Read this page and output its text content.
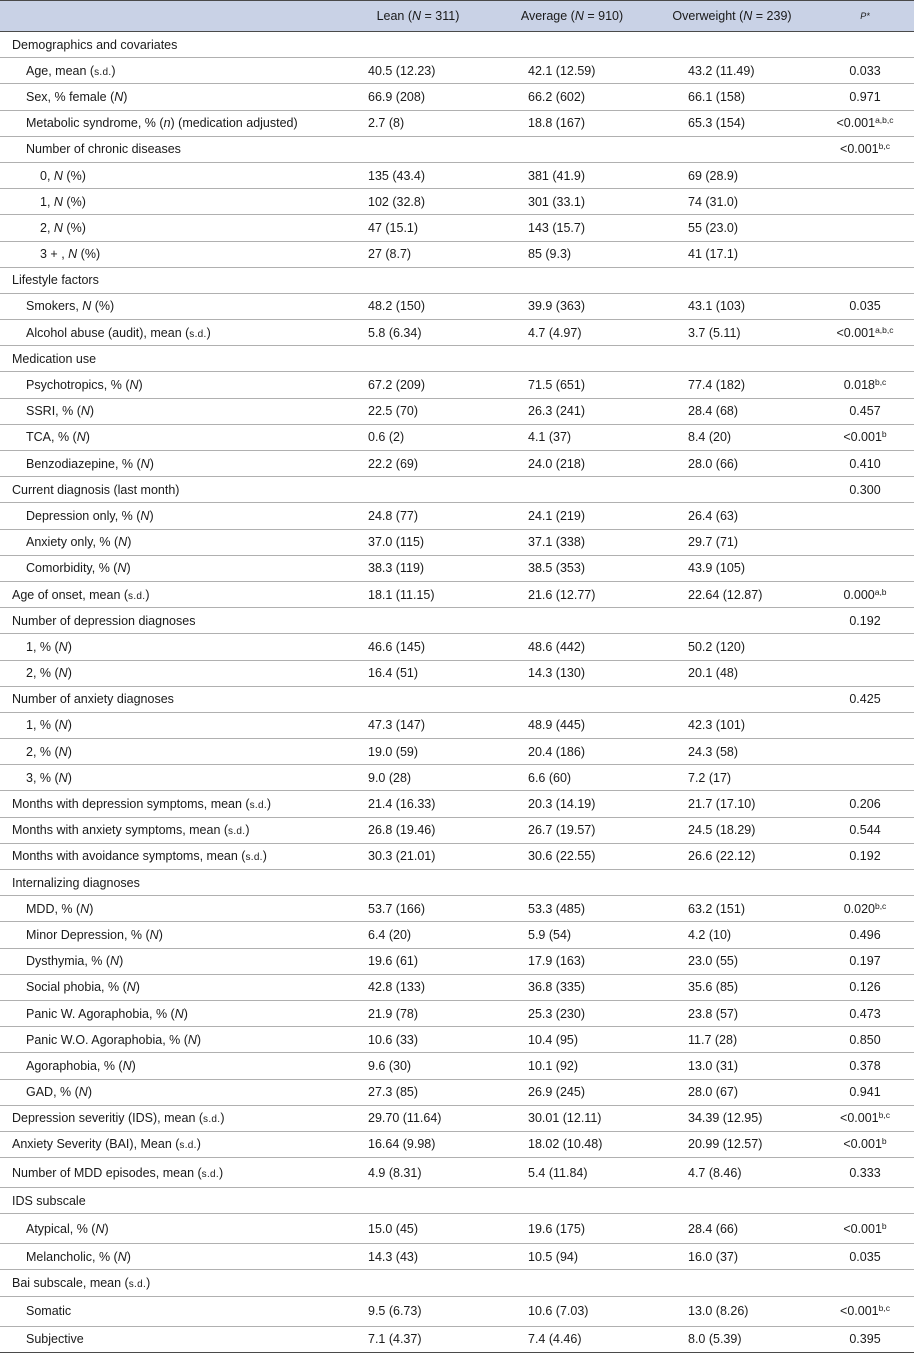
	Lean (N = 311)	Average (N = 910)	Overweight (N = 239)	P*
Demographics and covariates				
Age, mean (s.d.)	40.5 (12.23)	42.1 (12.59)	43.2 (11.49)	0.033
Sex, % female (N)	66.9 (208)	66.2 (602)	66.1 (158)	0.971
Metabolic syndrome, % (n) (medication adjusted)	2.7 (8)	18.8 (167)	65.3 (154)	$<0.001^{a,b,c}$
Number of chronic diseases				$<0.001^{b,c}$
0, N (%)	135 (43.4)	381 (41.9)	69 (28.9)	
1, N (%)	102 (32.8)	301 (33.1)	74 (31.0)	
2, N (%)	47 (15.1)	143 (15.7)	55 (23.0)	
3 + , N (%)	27 (8.7)	85 (9.3)	41 (17.1)	
Lifestyle factors				
Smokers, N (%)	48.2 (150)	39.9 (363)	43.1 (103)	0.035
Alcohol abuse (audit), mean (s.d.)	5.8 (6.34)	4.7 (4.97)	3.7 (5.11)	$<0.001^{a,b,c}$
Medication use				
Psychotropics, % (N)	67.2 (209)	71.5 (651)	77.4 (182)	0.018$^{b,c}$
SSRI, % (N)	22.5 (70)	26.3 (241)	28.4 (68)	0.457
TCA, % (N)	0.6 (2)	4.1 (37)	8.4 (20)	<0.001$^b$
Benzodiazepine, % (N)	22.2 (69)	24.0 (218)	28.0 (66)	0.410
Current diagnosis (last month)				0.300
Depression only, % (N)	24.8 (77)	24.1 (219)	26.4 (63)	
Anxiety only, % (N)	37.0 (115)	37.1 (338)	29.7 (71)	
Comorbidity, % (N)	38.3 (119)	38.5 (353)	43.9 (105)	
Age of onset, mean (s.d.)	18.1 (11.15)	21.6 (12.77)	22.64 (12.87)	0.000$^{a,b}$
Number of depression diagnoses				0.192
1, % (N)	46.6 (145)	48.6 (442)	50.2 (120)	
2, % (N)	16.4 (51)	14.3 (130)	20.1 (48)	
Number of anxiety diagnoses				0.425
1, % (N)	47.3 (147)	48.9 (445)	42.3 (101)	
2, % (N)	19.0 (59)	20.4 (186)	24.3 (58)	
3, % (N)	9.0 (28)	6.6 (60)	7.2 (17)	
Months with depression symptoms, mean (s.d.)	21.4 (16.33)	20.3 (14.19)	21.7 (17.10)	0.206
Months with anxiety symptoms, mean (s.d.)	26.8 (19.46)	26.7 (19.57)	24.5 (18.29)	0.544
Months with avoidance symptoms, mean (s.d.)	30.3 (21.01)	30.6 (22.55)	26.6 (22.12)	0.192
Internalizing diagnoses				
MDD, % (N)	53.7 (166)	53.3 (485)	63.2 (151)	0.020$^{b,c}$
Minor Depression, % (N)	6.4 (20)	5.9 (54)	4.2 (10)	0.496
Dysthymia, % (N)	19.6 (61)	17.9 (163)	23.0 (55)	0.197
Social phobia, % (N)	42.8 (133)	36.8 (335)	35.6 (85)	0.126
Panic W. Agoraphobia, % (N)	21.9 (78)	25.3 (230)	23.8 (57)	0.473
Panic W.O. Agoraphobia, % (N)	10.6 (33)	10.4 (95)	11.7 (28)	0.850
Agoraphobia, % (N)	9.6 (30)	10.1 (92)	13.0 (31)	0.378
GAD, % (N)	27.3 (85)	26.9 (245)	28.0 (67)	0.941
Depression severitiy (IDS), mean (s.d.)	29.70 (11.64)	30.01 (12.11)	34.39 (12.95)	$<0.001^{b,c}$
Anxiety Severity (BAI), Mean (s.d.)	16.64 (9.98)	18.02 (10.48)	20.99 (12.57)	<0.001$^b$
Number of MDD episodes, mean (s.d.)	4.9 (8.31)	5.4 (11.84)	4.7 (8.46)	0.333
IDS subscale				
Atypical, % (N)	15.0 (45)	19.6 (175)	28.4 (66)	<0.001$^b$
Melancholic, % (N)	14.3 (43)	10.5 (94)	16.0 (37)	0.035
Bai subscale, mean (s.d.)				
Somatic	9.5 (6.73)	10.6 (7.03)	13.0 (8.26)	$<0.001^{b,c}$
Subjective	7.1 (4.37)	7.4 (4.46)	8.0 (5.39)	0.395
